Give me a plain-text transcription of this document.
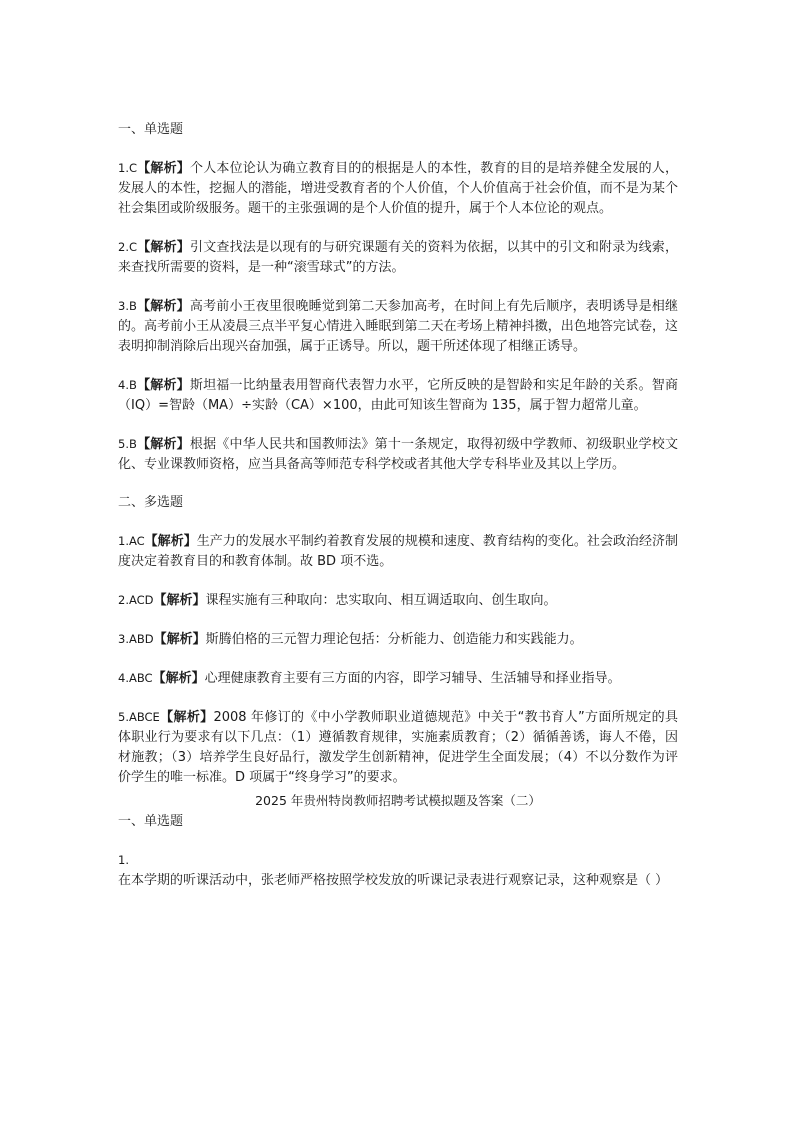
一、单选题

1.C【解析】个人本位论认为确立教育目的的根据是人的本性，教育的目的是培养健全发展的人，发展人的本性，挖掘人的潜能，增进受教育者的个人价值，个人价值高于社会价值，而不是为某个社会集团或阶级服务。题干的主张强调的是个人价值的提升，属于个人本位论的观点。

2.C【解析】引文查找法是以现有的与研究课题有关的资料为依据，以其中的引文和附录为线索，来查找所需要的资料，是一种“滚雪球式”的方法。

3.B【解析】高考前小王夜里很晚睡觉到第二天参加高考，在时间上有先后顺序，表明诱导是相继的。高考前小王从凌晨三点半平复心情进入睡眠到第二天在考场上精神抖擞，出色地答完试卷，这表明抑制消除后出现兴奋加强，属于正诱导。所以，题干所述体现了相继正诱导。

4.B【解析】斯坦福一比纳量表用智商代表智力水平，它所反映的是智龄和实足年龄的关系。智商（IQ）=智龄（MA）÷实龄（CA）×100，由此可知该生智商为 135，属于智力超常儿童。

5.B【解析】根据《中华人民共和国教师法》第十一条规定，取得初级中学教师、初级职业学校文化、专业课教师资格，应当具备高等师范专科学校或者其他大学专科毕业及其以上学历。

二、多选题

1.AC【解析】生产力的发展水平制约着教育发展的规模和速度、教育结构的变化。社会政治经济制度决定着教育目的和教育体制。故 BD 项不选。

2.ACD【解析】课程实施有三种取向：忠实取向、相互调适取向、创生取向。

3.ABD【解析】斯腾伯格的三元智力理论包括：分析能力、创造能力和实践能力。

4.ABC【解析】心理健康教育主要有三方面的内容，即学习辅导、生活辅导和择业指导。

5.ABCE【解析】2008 年修订的《中小学教师职业道德规范》中关于“教书育人”方面所规定的具体职业行为要求有以下几点：（1）遵循教育规律，实施素质教育；（2）循循善诱，诲人不倦，因材施教；（3）培养学生良好品行，激发学生创新精神，促进学生全面发展；（4）不以分数作为评价学生的唯一标准。D 项属于“终身学习”的要求。

2025 年贵州特岗教师招聘考试模拟题及答案（二）
一、单选题

1.在本学期的听课活动中，张老师严格按照学校发放的听课记录表进行观察记录，这种观察是（ ）
